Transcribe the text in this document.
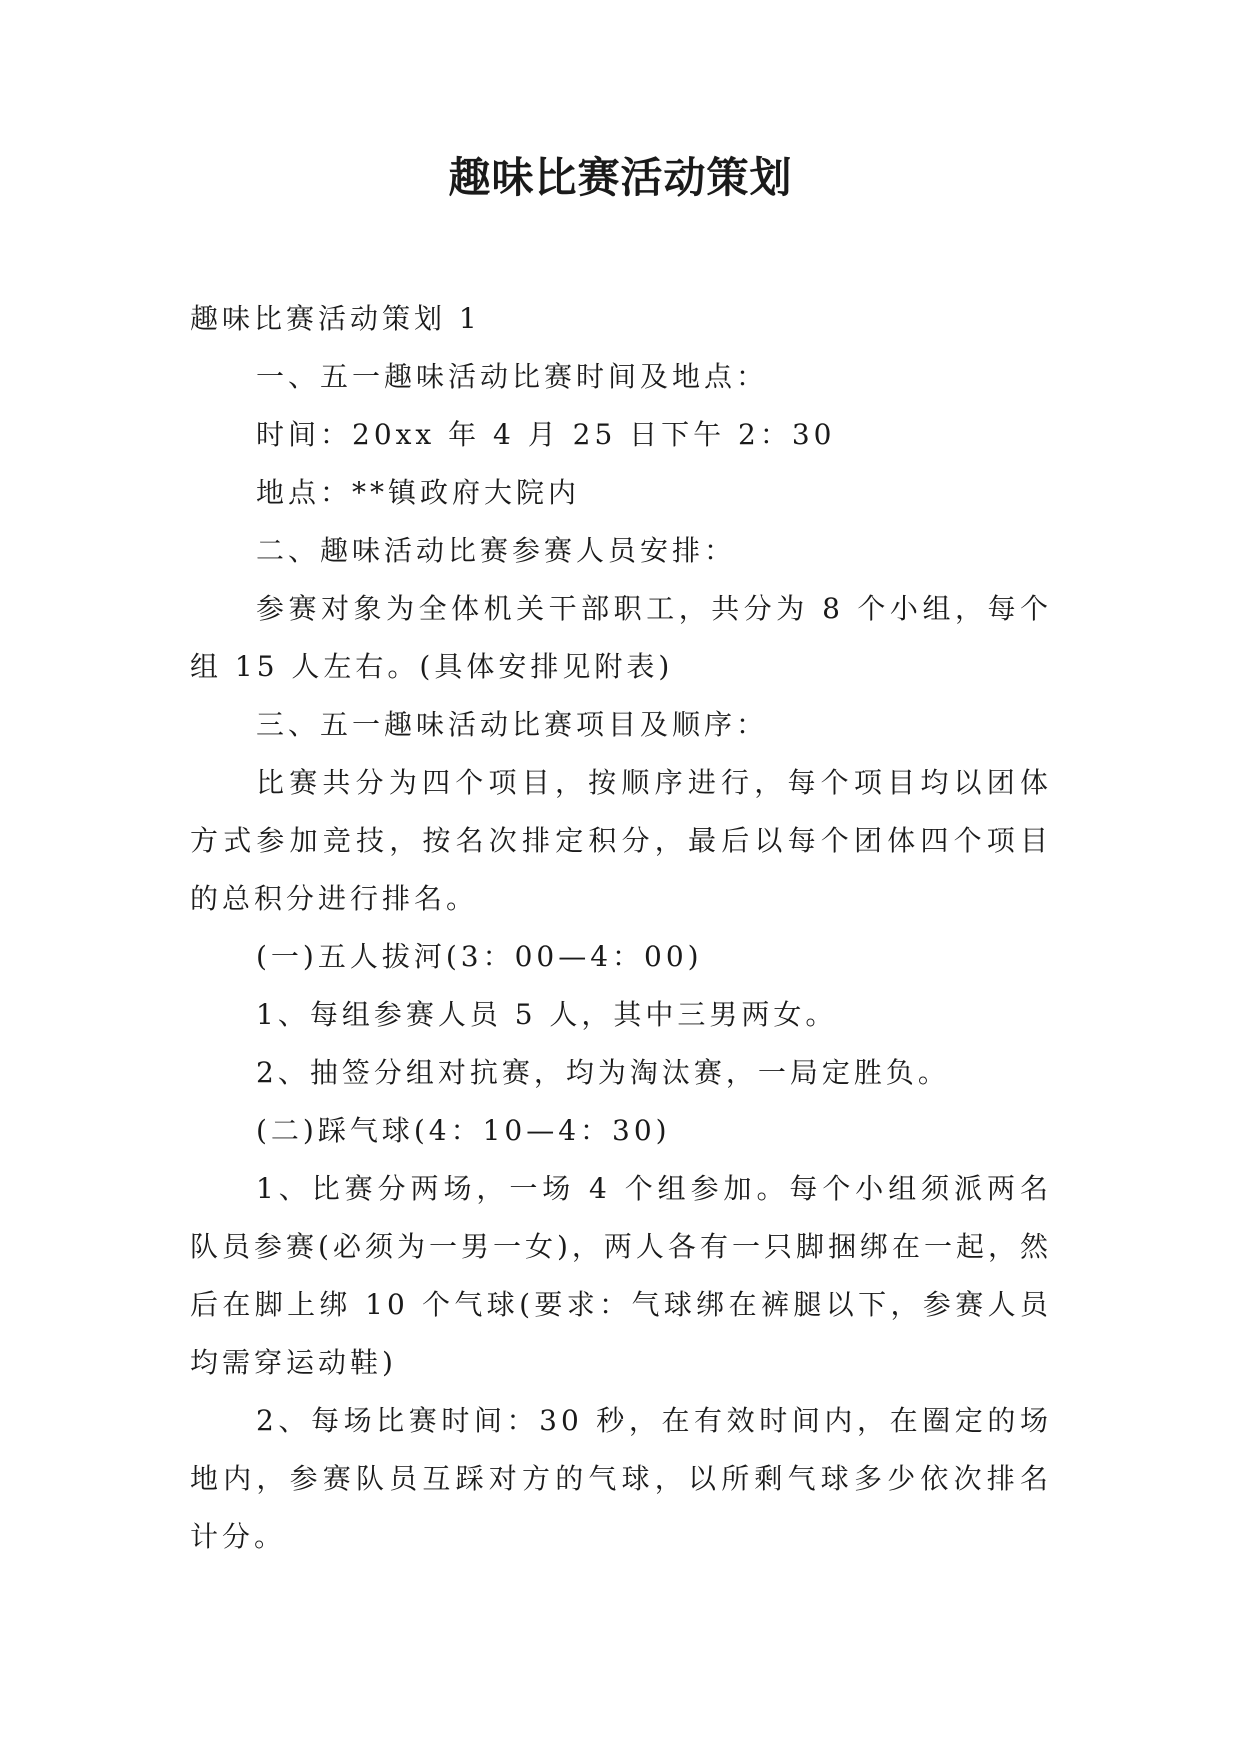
趣味比赛活动策划

趣味比赛活动策划 1

一、五一趣味活动比赛时间及地点：

时间：20xx 年 4 月 25 日下午 2：30

地点：**镇政府大院内

二、趣味活动比赛参赛人员安排：

参赛对象为全体机关干部职工，共分为 8 个小组，每个组 15 人左右。(具体安排见附表)

三、五一趣味活动比赛项目及顺序：

比赛共分为四个项目，按顺序进行，每个项目均以团体方式参加竞技，按名次排定积分，最后以每个团体四个项目的总积分进行排名。

(一)五人拔河(3：00—4：00)

1、每组参赛人员 5 人，其中三男两女。

2、抽签分组对抗赛，均为淘汰赛，一局定胜负。

(二)踩气球(4：10—4：30)

1、比赛分两场，一场 4 个组参加。每个小组须派两名队员参赛(必须为一男一女)，两人各有一只脚捆绑在一起，然后在脚上绑 10 个气球(要求：气球绑在裤腿以下，参赛人员均需穿运动鞋)

2、每场比赛时间：30 秒，在有效时间内，在圈定的场地内，参赛队员互踩对方的气球，以所剩气球多少依次排名计分。
